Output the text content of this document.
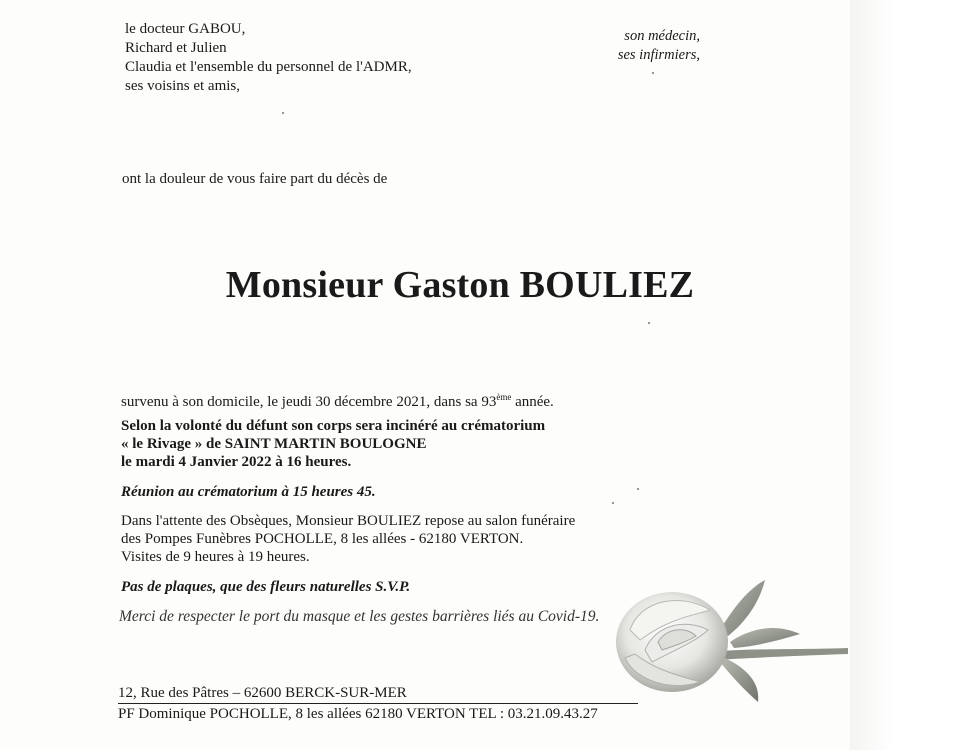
le docteur GABOU,
Richard et Julien
Claudia et l'ensemble du personnel de l'ADMR,
ses voisins et amis,
son médecin,
ses infirmiers,
ont la douleur de vous faire part du décès de
Monsieur Gaston BOULIEZ
survenu à son domicile, le jeudi 30 décembre 2021, dans sa 93ème année.
Selon la volonté du défunt son corps sera incinéré au crématorium
« le Rivage » de SAINT MARTIN BOULOGNE
le mardi 4 Janvier 2022 à 16 heures.
Réunion au crématorium à 15 heures 45.
Dans l'attente des Obsèques, Monsieur BOULIEZ repose au salon funéraire
des Pompes Funèbres POCHOLLE, 8 les allées - 62180 VERTON.
Visites de 9 heures à 19 heures.
Pas de plaques, que des fleurs naturelles S.V.P.
Merci de respecter le port du masque et les gestes barrières liés au Covid-19.
12, Rue des Pâtres – 62600 BERCK-SUR-MER
PF Dominique POCHOLLE, 8 les allées 62180 VERTON TEL : 03.21.09.43.27
